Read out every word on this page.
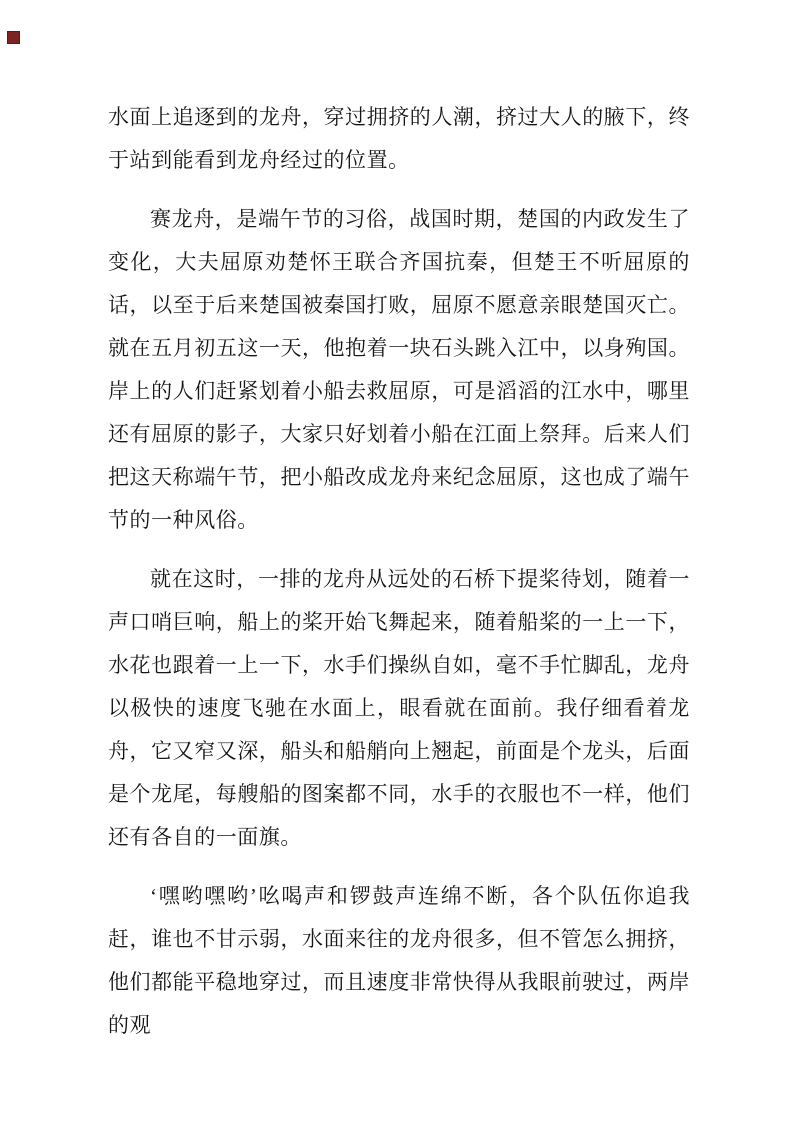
水面上追逐到的龙舟，穿过拥挤的人潮，挤过大人的腋下，终于站到能看到龙舟经过的位置。

赛龙舟，是端午节的习俗，战国时期，楚国的内政发生了变化，大夫屈原劝楚怀王联合齐国抗秦，但楚王不听屈原的话，以至于后来楚国被秦国打败，屈原不愿意亲眼楚国灭亡。就在五月初五这一天，他抱着一块石头跳入江中，以身殉国。岸上的人们赶紧划着小船去救屈原，可是滔滔的江水中，哪里还有屈原的影子，大家只好划着小船在江面上祭拜。后来人们把这天称端午节，把小船改成龙舟来纪念屈原，这也成了端午节的一种风俗。

就在这时，一排的龙舟从远处的石桥下提桨待划，随着一声口哨巨响，船上的桨开始飞舞起来，随着船桨的一上一下，水花也跟着一上一下，水手们操纵自如，毫不手忙脚乱，龙舟以极快的速度飞驰在水面上，眼看就在面前。我仔细看着龙舟，它又窄又深，船头和船艄向上翘起，前面是个龙头，后面是个龙尾，每艘船的图案都不同，水手的衣服也不一样，他们还有各自的一面旗。

‘嘿哟嘿哟’吆喝声和锣鼓声连绵不断，各个队伍你追我赶，谁也不甘示弱，水面来往的龙舟很多，但不管怎么拥挤，他们都能平稳地穿过，而且速度非常快得从我眼前驶过，两岸的观
